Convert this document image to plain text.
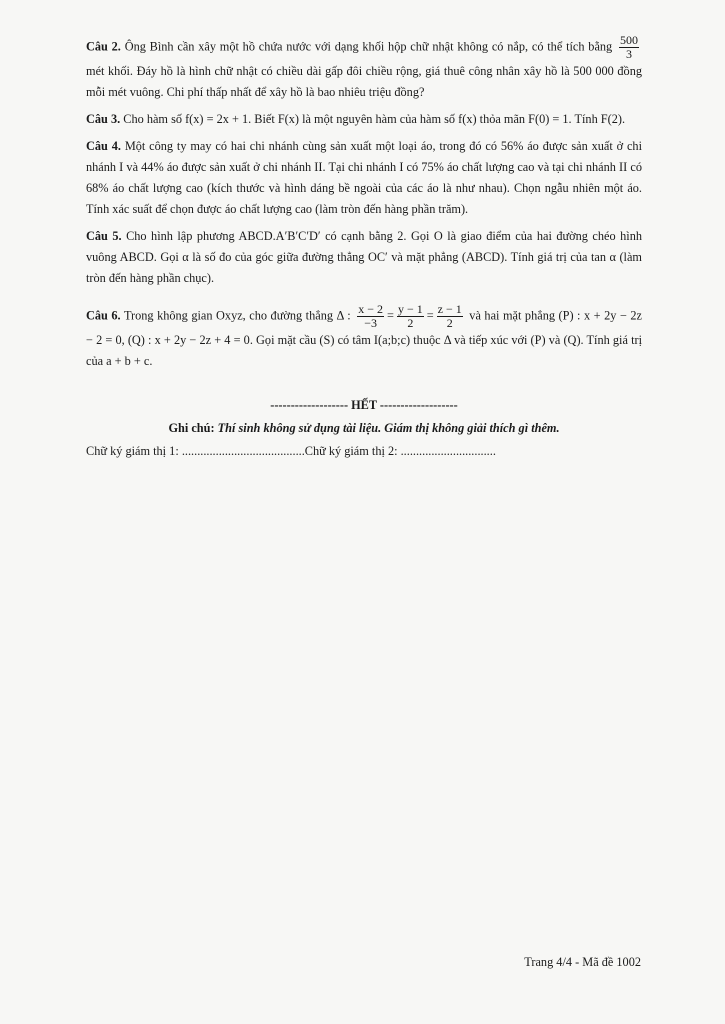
Câu 2. Ông Bình cần xây một hồ chứa nước với dạng khối hộp chữ nhật không có nắp, có thể tích bằng $\frac{500}{3}$
mét khối. Đáy hồ là hình chữ nhật có chiều dài gấp đôi chiều rộng, giá thuê công nhân xây hồ là 500 000 đồng mỗi mét vuông. Chi phí thấp nhất để xây hồ là bao nhiêu triệu đồng?

Câu 3. Cho hàm số f(x) = 2x + 1. Biết F(x) là một nguyên hàm của hàm số f(x) thỏa mãn F(0) = 1. Tính F(2).

Câu 4. Một công ty may có hai chi nhánh cùng sản xuất một loại áo, trong đó có 56% áo được sản xuất ở chi nhánh I và 44% áo được sản xuất ở chi nhánh II. Tại chi nhánh I có 75% áo chất lượng cao và tại chi nhánh II có 68% áo chất lượng cao (kích thước và hình dáng bề ngoài của các áo là như nhau). Chọn ngẫu nhiên một áo. Tính xác suất để chọn được áo chất lượng cao (làm tròn đến hàng phần trăm).

Câu 5. Cho hình lập phương ABCD.A′B′C′D′ có cạnh bằng 2. Gọi O là giao điểm của hai đường chéo hình vuông ABCD. Gọi α là số đo của góc giữa đường thẳng OC′ và mặt phẳng (ABCD). Tính giá trị của tan α (làm tròn đến hàng phần chục).

Câu 6. Trong không gian Oxyz, cho đường thẳng Δ : $\frac{x - 2}{-3} = \frac{y - 1}{2} = \frac{z - 1}{2}$ và hai mặt phẳng (P) : x + 2y − 2z − 2 = 0, (Q) : x + 2y − 2z + 4 = 0. Gọi mặt cầu (S) có tâm I(a;b;c) thuộc Δ và tiếp xúc với (P) và (Q). Tính giá trị của a + b + c.

------------------- HẾT -------------------
Ghi chú: Thí sinh không sử dụng tài liệu. Giám thị không giải thích gì thêm.
Chữ ký giám thị 1: ........................................Chữ ký giám thị 2: ...............................
Trang 4/4 - Mã đề 1002
